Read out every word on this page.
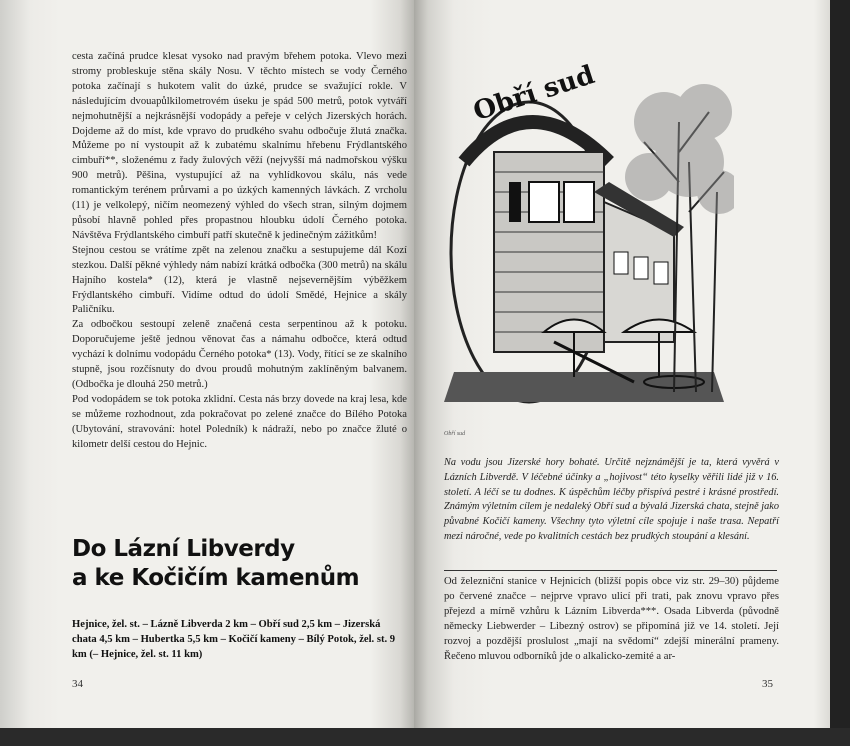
cesta začíná prudce klesat vysoko nad pravým břehem potoka. Vlevo mezi stromy probleskuje stěna skály Nosu. V těchto místech se vody Černého potoka začínají s hukotem valit do úzké, prudce se svažující rokle. V následujícím dvouapůlkilometrovém úseku je spád 500 metrů, potok vytváří nejmohutnější a nejkrásnější vodopády a peřeje v celých Jizerských horách. Dojdeme až do míst, kde vpravo do prudkého svahu odbočuje žlutá značka. Můžeme po ní vystoupit až k zubatému skalnímu hřebenu Frýdlantského cimbuří**, složenému z řady žulových věží (nejvyšší má nadmořskou výšku 900 metrů). Pěšina, vystupující až na vyhlídkovou skálu, nás vede romantickým terénem průrvami a po úzkých kamenných lávkách. Z vrcholu (11) je velkolepý, ničím neomezený výhled do všech stran, silným dojmem působí hlavně pohled přes propastnou hloubku údolí Černého potoka. Návštěva Frýdlantského cimbuří patří skutečně k jedinečným zážitkům!

Stejnou cestou se vrátíme zpět na zelenou značku a sestupujeme dál Kozí stezkou. Další pěkné výhledy nám nabízí krátká odbočka (300 metrů) na skálu Hajního kostela* (12), která je vlastně nejsevernějším výběžkem Frýdlantského cimbuří. Vidíme odtud do údolí Smědé, Hejnice a skály Paličníku.

Za odbočkou sestoupí zeleně značená cesta serpentinou až k potoku. Doporučujeme ještě jednou věnovat čas a námahu odbočce, která odtud vychází k dolnímu vodopádu Černého potoka* (13). Vody, řítící se ze skalního stupně, jsou rozčísnuty do dvou proudů mohutným zaklíněným balvanem. (Odbočka je dlouhá 250 metrů.)

Pod vodopádem se tok potoka zklidní. Cesta nás brzy dovede na kraj lesa, kde se můžeme rozhodnout, zda pokračovat po zelené značce do Bílého Potoka (Ubytování, stravování: hotel Poledník) k nádraží, nebo po značce žluté o kilometr delší cestou do Hejnic.

Do Lázní Libverdy
a ke Kočičím kamenům
Hejnice, žel. st. – Lázně Libverda 2 km – Obří sud 2,5 km – Jizerská chata 4,5 km – Hubertka 5,5 km – Kočičí kameny – Bílý Potok, žel. st. 9 km (– Hejnice, žel. st. 11 km)
34	35
Obří sud
Obří sud
Na vodu jsou Jizerské hory bohaté. Určitě nejznámější je ta, která vyvěrá v Lázních Libverdě. V léčebné účinky a „hojivost“ této kyselky věřili lidé již v 16. století. A léčí se tu dodnes. K úspěchům léčby přispívá pestré i krásné prostředí. Známým výletním cílem je nedaleký Obří sud a bývalá Jizerská chata, stejně jako půvabné Kočičí kameny. Všechny tyto výletní cíle spojuje i naše trasa. Nepatří mezi náročné, vede po kvalitních cestách bez prudkých stoupání a klesání.
Od železniční stanice v Hejnicích (bližší popis obce viz str. 29–30) půjdeme po červené značce – nejprve vpravo ulicí při trati, pak znovu vpravo přes přejezd a mírně vzhůru k Lázním Libverda***. Osada Libverda (původně německy Liebwerder – Libezný ostrov) se připomíná již ve 14. století. Její rozvoj a pozdější proslulost „mají na svědomí“ zdejší minerální prameny. Řečeno mluvou odborníků jde o alkalicko-zemité a ar-
